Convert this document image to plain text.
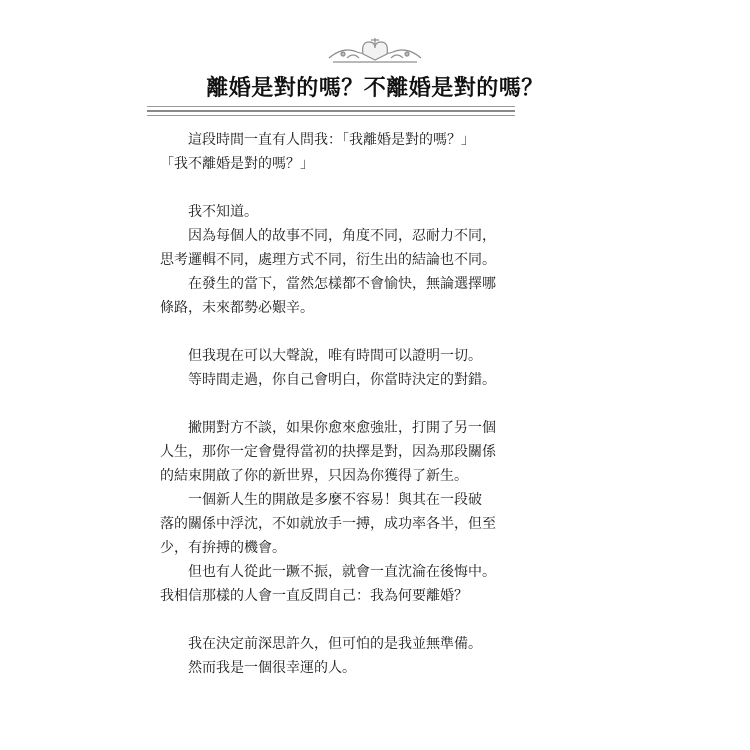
離婚是對的嗎？不離婚是對的嗎？
這段時間一直有人問我：「我離婚是對的嗎？」
「我不離婚是對的嗎？」
我不知道。
因為每個人的故事不同，角度不同，忍耐力不同，
思考邏輯不同，處理方式不同，衍生出的結論也不同。
在發生的當下，當然怎樣都不會愉快，無論選擇哪
條路，未來都勢必艱辛。
但我現在可以大聲說，唯有時間可以證明一切。
等時間走過，你自己會明白，你當時決定的對錯。
撇開對方不談，如果你愈來愈強壯，打開了另一個
人生，那你一定會覺得當初的抉擇是對，因為那段關係
的結束開啟了你的新世界，只因為你獲得了新生。
一個新人生的開啟是多麼不容易！與其在一段破
落的關係中浮沈，不如就放手一搏，成功率各半，但至
少，有拚搏的機會。
但也有人從此一蹶不振，就會一直沈淪在後悔中。
我相信那樣的人會一直反問自己：我為何要離婚？
我在決定前深思許久，但可怕的是我並無準備。
然而我是一個很幸運的人。
